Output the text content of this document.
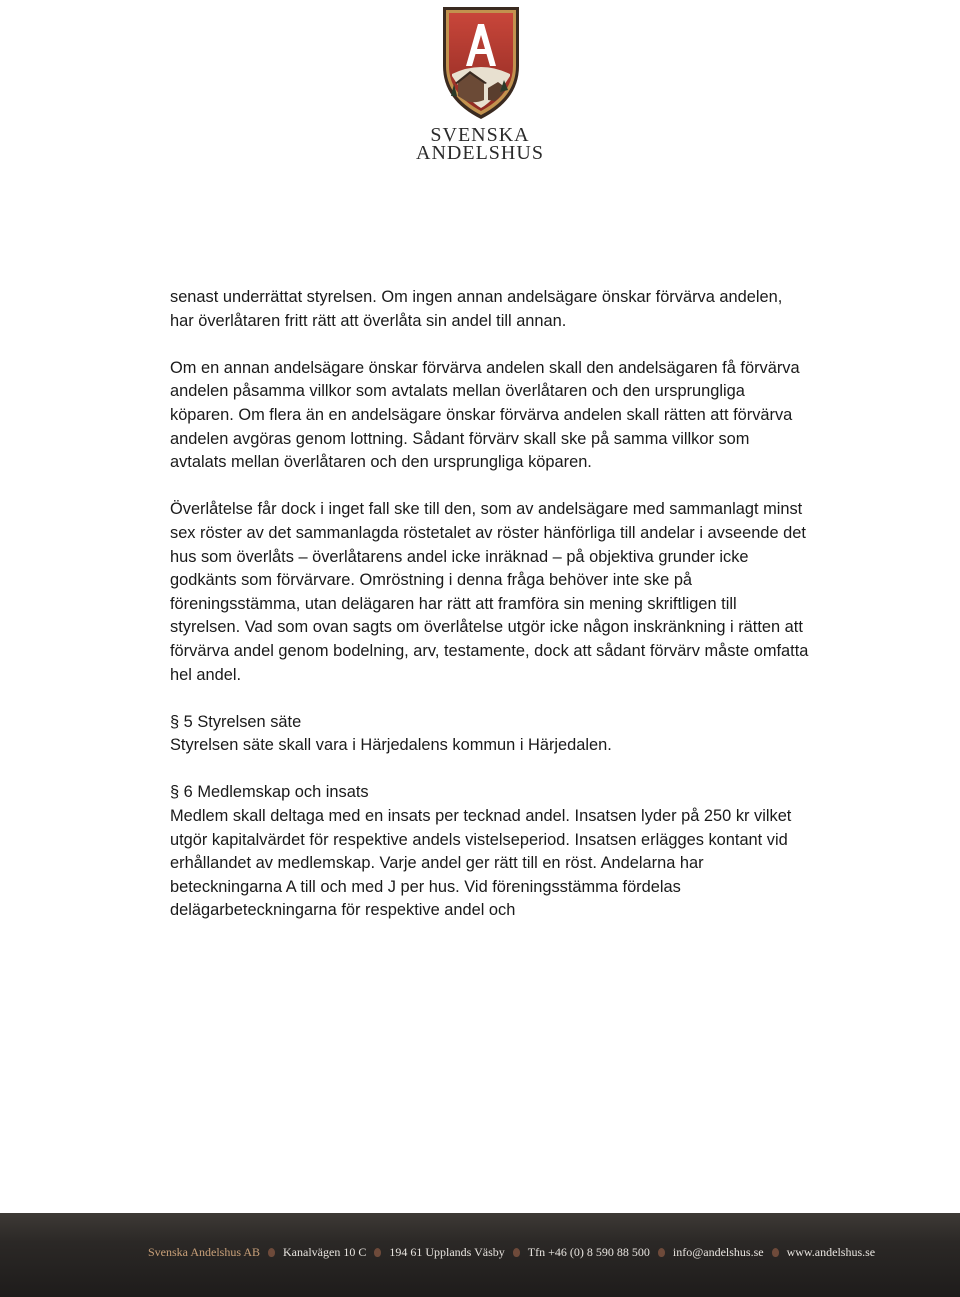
SVENSKA
ANDELSHUS

senast underrättat styrelsen. Om ingen annan andelsägare önskar förvärva andelen, har överlåtaren fritt rätt att överlåta sin andel till annan.

Om en annan andelsägare önskar förvärva andelen skall den andelsägaren få förvärva andelen påsamma villkor som avtalats mellan överlåtaren och den ursprungliga köparen. Om flera än en andelsägare önskar förvärva andelen skall rätten att förvärva andelen avgöras genom lottning. Sådant förvärv skall ske på samma villkor som avtalats mellan överlåtaren och den ursprungliga köparen.

Överlåtelse får dock i inget fall ske till den, som av andelsägare med sammanlagt minst sex röster av det sammanlagda röstetalet av röster hänförliga till andelar i avseende det hus som överlåts – överlåtarens andel icke inräknad – på objektiva grunder icke godkänts som förvärvare. Omröstning i denna fråga behöver inte ske på föreningsstämma, utan delägaren har rätt att framföra sin mening skriftligen till styrelsen. Vad som ovan sagts om överlåtelse utgör icke någon inskränkning i rätten att förvärva andel genom bodelning, arv, testamente, dock att sådant förvärv måste omfatta hel andel.

§ 5 Styrelsen säte

Styrelsen säte skall vara i Härjedalens kommun i Härjedalen.

§ 6 Medlemskap och insats

Medlem skall deltaga med en insats per tecknad andel. Insatsen lyder på 250 kr vilket utgör kapitalvärdet för respektive andels vistelseperiod. Insatsen erlägges kontant vid erhållandet av medlemskap. Varje andel ger rätt till en röst. Andelarna har beteckningarna A till och med J per hus. Vid föreningsstämma fördelas delägarbeteckningarna för respektive andel och

Svenska Andelshus AB Kanalvägen 10 C 194 61 Upplands Väsby Tfn +46 (0) 8 590 88 500 info@andelshus.se www.andelshus.se
